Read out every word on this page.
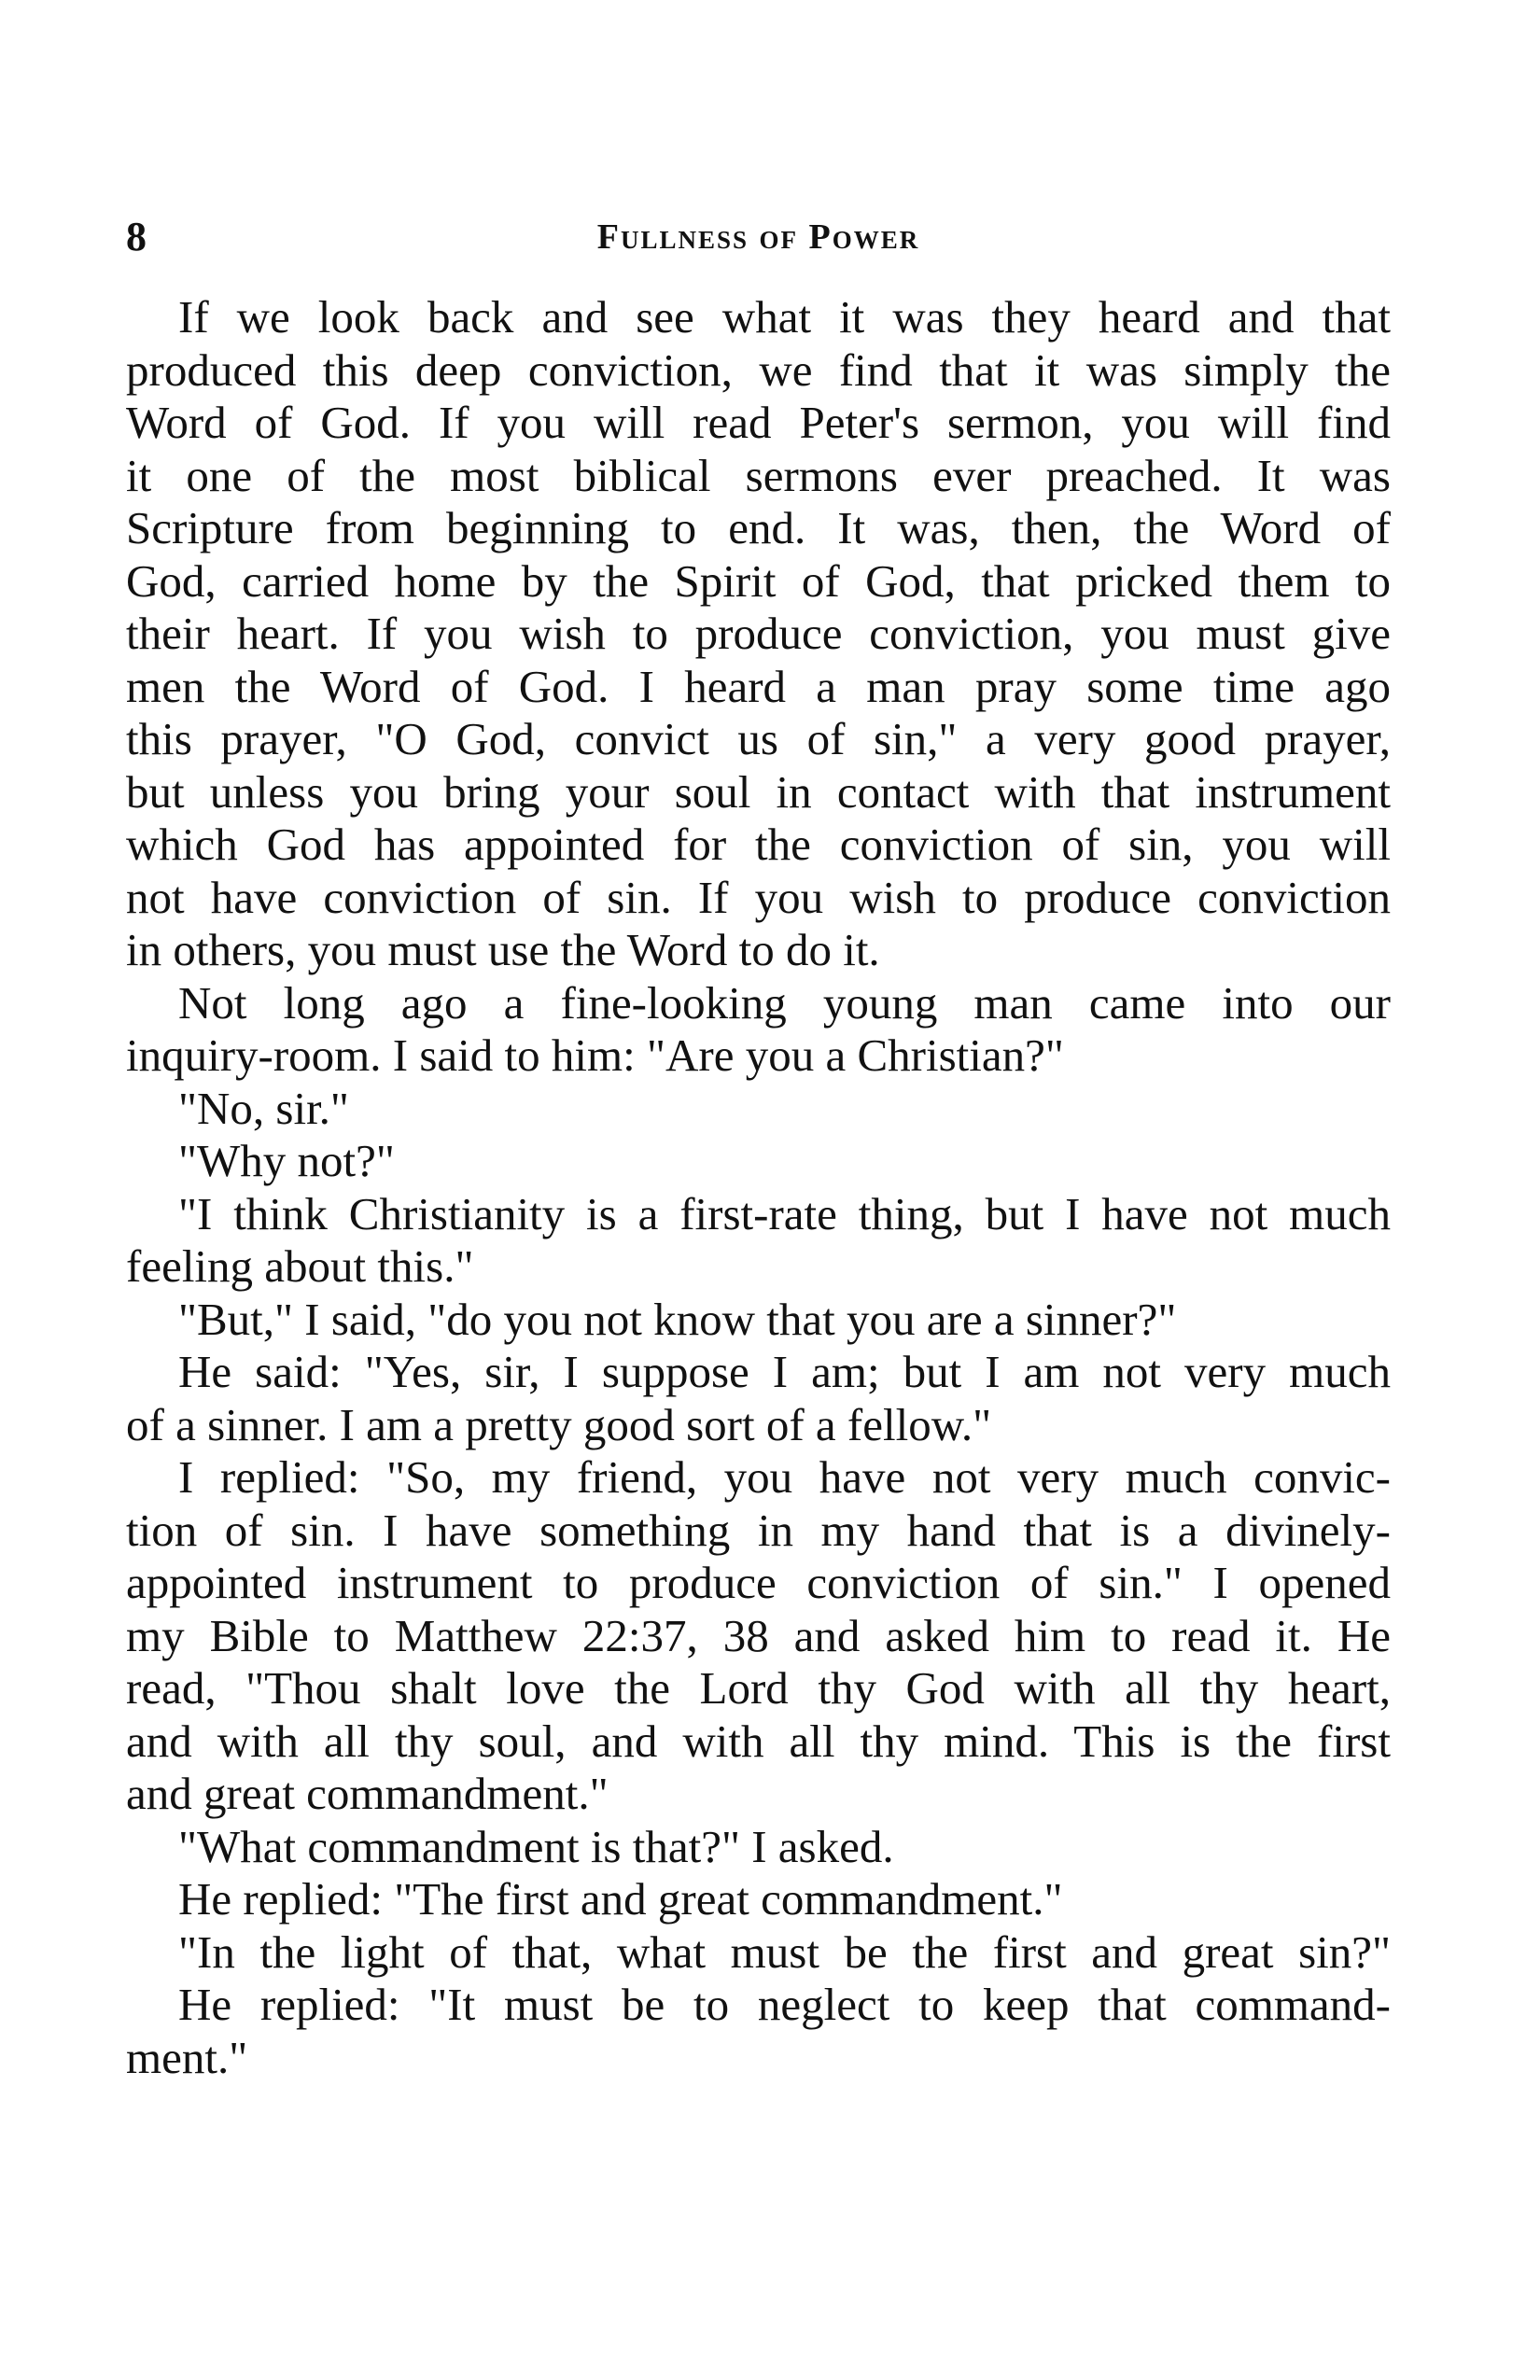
8	Fullness of Power
If we look back and see what it was they heard and that
produced this deep conviction, we find that it was simply the
Word of God. If you will read Peter's sermon, you will find
it one of the most biblical sermons ever preached. It was
Scripture from beginning to end. It was, then, the Word of
God, carried home by the Spirit of God, that pricked them to
their heart. If you wish to produce conviction, you must give
men the Word of God. I heard a man pray some time ago
this prayer, "O God, convict us of sin," a very good prayer,
but unless you bring your soul in contact with that instrument
which God has appointed for the conviction of sin, you will
not have conviction of sin. If you wish to produce conviction
in others, you must use the Word to do it.
Not long ago a fine-looking young man came into our
inquiry-room. I said to him: "Are you a Christian?"
"No, sir."
"Why not?"
"I think Christianity is a first-rate thing, but I have not much
feeling about this."
"But," I said, "do you not know that you are a sinner?"
He said: "Yes, sir, I suppose I am; but I am not very much
of a sinner. I am a pretty good sort of a fellow."
I replied: "So, my friend, you have not very much convic-
tion of sin. I have something in my hand that is a divinely-
appointed instrument to produce conviction of sin." I opened
my Bible to Matthew 22:37, 38 and asked him to read it. He
read, "Thou shalt love the Lord thy God with all thy heart,
and with all thy soul, and with all thy mind. This is the first
and great commandment."
"What commandment is that?" I asked.
He replied: "The first and great commandment."
"In the light of that, what must be the first and great sin?"
He replied: "It must be to neglect to keep that command-
ment."
